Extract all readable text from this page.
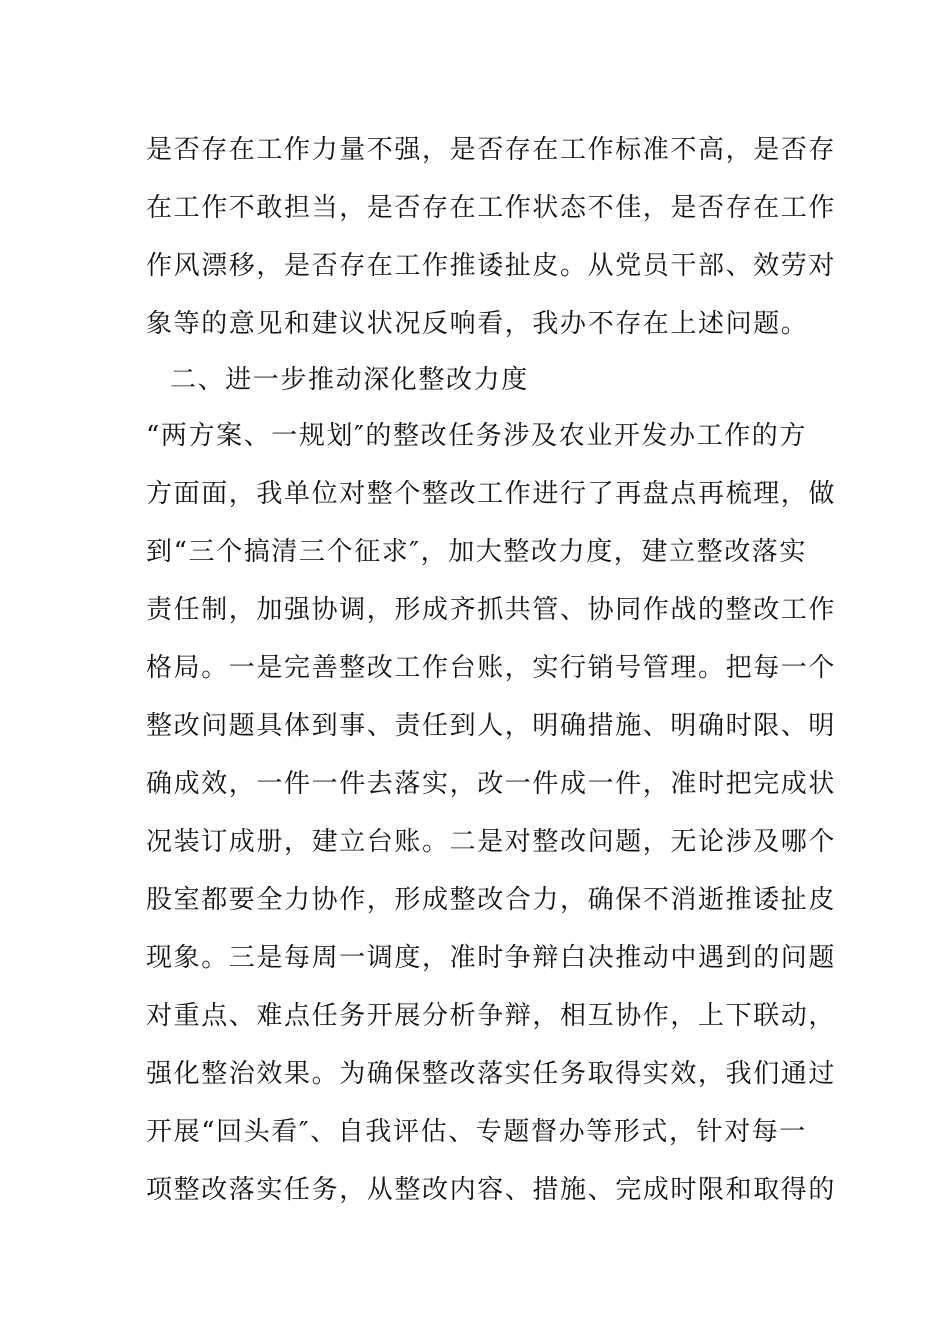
是否存在工作力量不强，是否存在工作标准不高，是否存
在工作不敢担当，是否存在工作状态不佳，是否存在工作
作风漂移，是否存在工作推诿扯皮。从党员干部、效劳对
象等的意见和建议状况反响看，我办不存在上述问题。
二、进一步推动深化整改力度
“两方案、一规划″的整改任务涉及农业开发办工作的方
方面面，我单位对整个整改工作进行了再盘点再梳理，做
到“三个搞清三个征求″，加大整改力度，建立整改落实
责任制，加强协调，形成齐抓共管、协同作战的整改工作
格局。一是完善整改工作台账，实行销号管理。把每一个
整改问题具体到事、责任到人，明确措施、明确时限、明
确成效，一件一件去落实，改一件成一件，准时把完成状
况装订成册，建立台账。二是对整改问题，无论涉及哪个
股室都要全力协作，形成整改合力，确保不消逝推诿扯皮
现象。三是每周一调度，准时争辩白决推动中遇到的问题
对重点、难点任务开展分析争辩，相互协作，上下联动，
强化整治效果。为确保整改落实任务取得实效，我们通过
开展“回头看″、自我评估、专题督办等形式，针对每一
项整改落实任务，从整改内容、措施、完成时限和取得的
